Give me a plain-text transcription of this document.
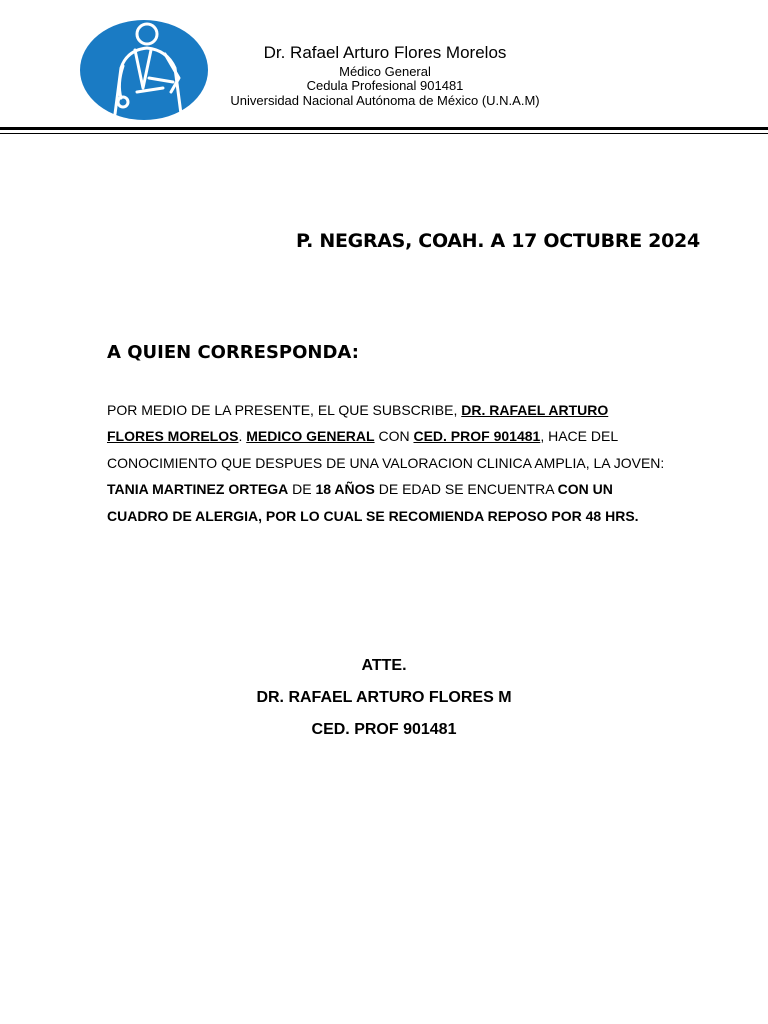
Dr. Rafael Arturo Flores Morelos
Médico General
Cedula Profesional 901481
Universidad Nacional Autónoma de México (U.N.A.M)
P. NEGRAS, COAH. A 17 OCTUBRE 2024
A QUIEN CORRESPONDA:
POR MEDIO DE LA PRESENTE, EL QUE SUBSCRIBE, DR. RAFAEL ARTURO FLORES MORELOS. MEDICO GENERAL CON CED. PROF 901481, HACE DEL CONOCIMIENTO QUE DESPUES DE UNA VALORACION CLINICA AMPLIA, LA JOVEN: TANIA MARTINEZ ORTEGA DE 18 AÑOS DE EDAD SE ENCUENTRA CON UN CUADRO DE ALERGIA, POR LO CUAL SE RECOMIENDA REPOSO POR 48 HRS.
ATTE.
DR. RAFAEL ARTURO FLORES M
CED. PROF 901481
